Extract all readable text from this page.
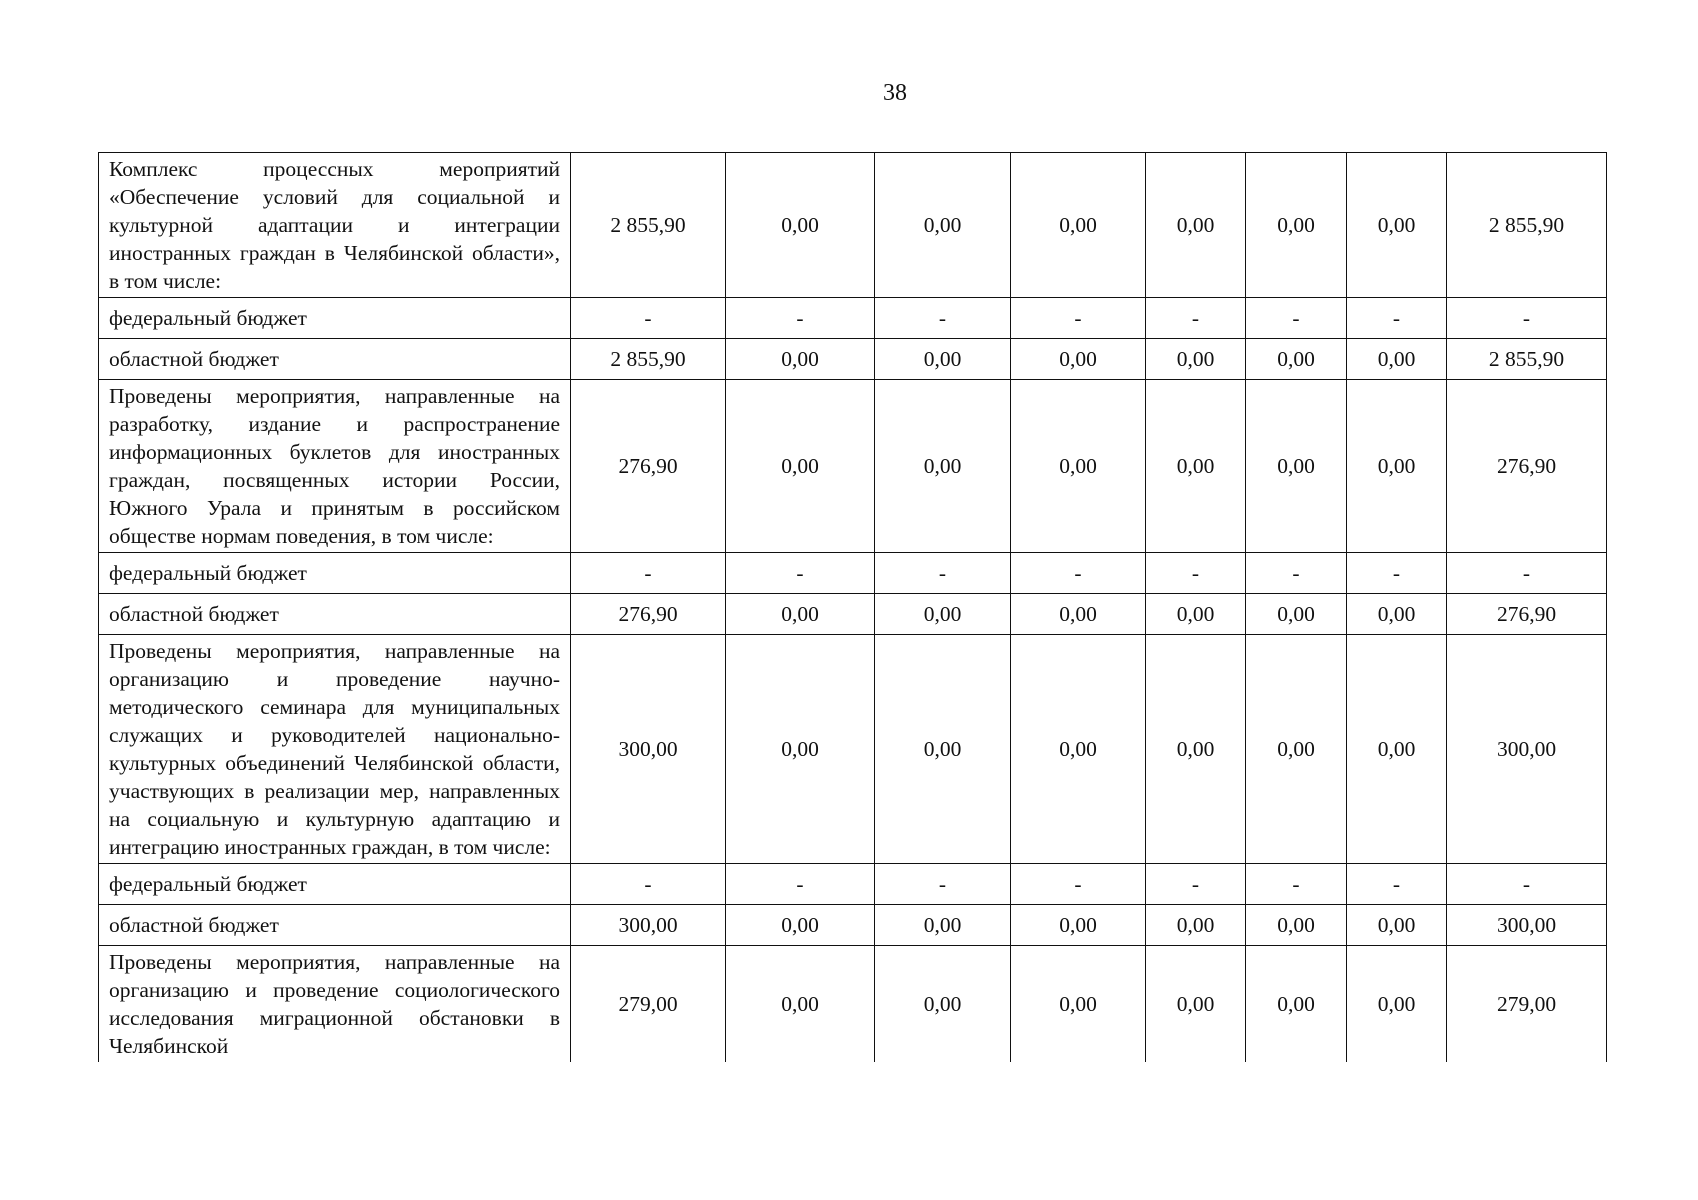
38
Комплекс процессных мероприятий «Обеспечение условий для социальной и культурной адаптации и интеграции иностранных граждан в Челябинской области», в том числе:	2 855,90	0,00	0,00	0,00	0,00	0,00	0,00	2 855,90
федеральный бюджет	-	-	-	-	-	-	-	-
областной бюджет	2 855,90	0,00	0,00	0,00	0,00	0,00	0,00	2 855,90
Проведены мероприятия, направленные на разработку, издание и распространение информационных буклетов для иностранных граждан, посвященных истории России, Южного Урала и принятым в российском обществе нормам поведения, в том числе:	276,90	0,00	0,00	0,00	0,00	0,00	0,00	276,90
федеральный бюджет	-	-	-	-	-	-	-	-
областной бюджет	276,90	0,00	0,00	0,00	0,00	0,00	0,00	276,90
Проведены мероприятия, направленные на организацию и проведение научно-методического семинара для муниципальных служащих и руководителей национально-культурных объединений Челябинской области, участвующих в реализации мер, направленных на социальную и культурную адаптацию и интеграцию иностранных граждан, в том числе:	300,00	0,00	0,00	0,00	0,00	0,00	0,00	300,00
федеральный бюджет	-	-	-	-	-	-	-	-
областной бюджет	300,00	0,00	0,00	0,00	0,00	0,00	0,00	300,00
Проведены мероприятия, направленные на организацию и проведение социологического исследования миграционной обстановки в Челябинской	279,00	0,00	0,00	0,00	0,00	0,00	0,00	279,00
